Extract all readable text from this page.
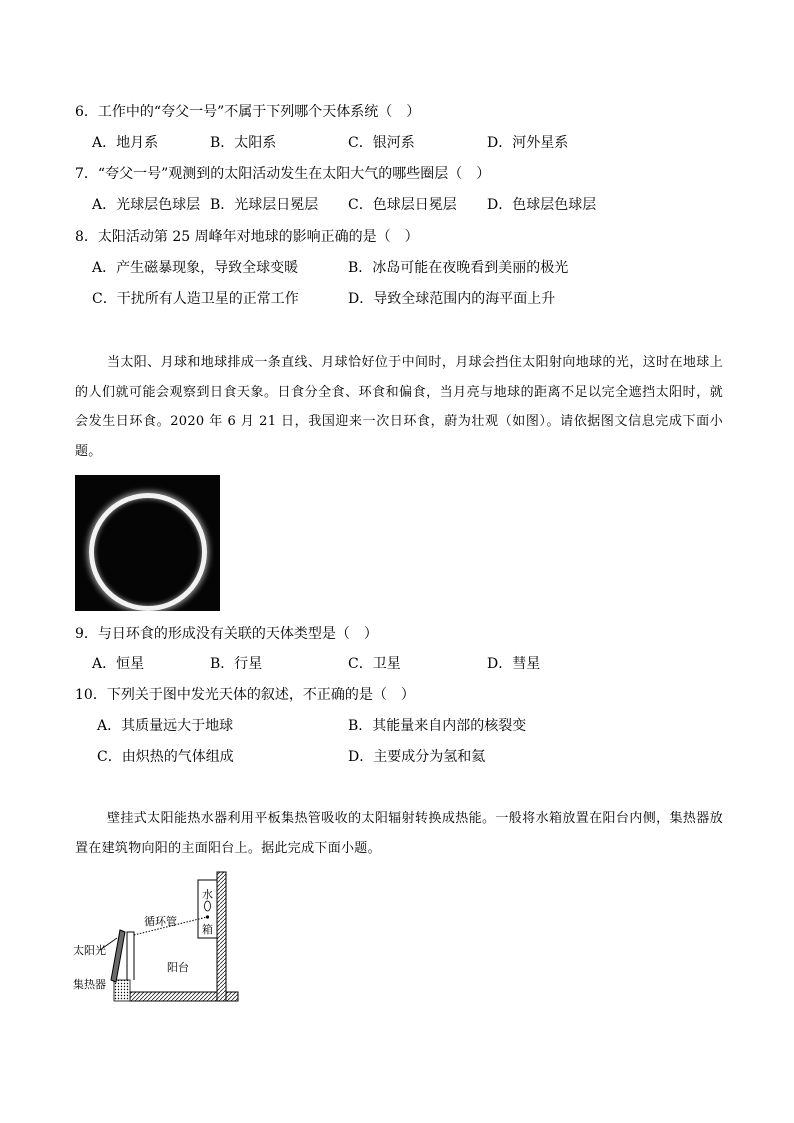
6．工作中的“夸父一号”不属于下列哪个天体系统（　）
A．地月系	B．太阳系	C．银河系	D．河外星系
7．“夸父一号”观测到的太阳活动发生在太阳大气的哪些圈层（　）
A．光球层色球层 B．光球层日冕层 C．色球层日冕层 D．色球层色球层
8．太阳活动第 25 周峰年对地球的影响正确的是（　）
A．产生磁暴现象，导致全球变暖	B．冰岛可能在夜晚看到美丽的极光
C．干扰所有人造卫星的正常工作	D．导致全球范围内的海平面上升
当太阳、月球和地球排成一条直线、月球恰好位于中间时，月球会挡住太阳射向地球的光，这时在地球上的人们就可能会观察到日食天象。日食分全食、环食和偏食，当月亮与地球的距离不足以完全遮挡太阳时，就会发生日环食。2020 年 6 月 21 日，我国迎来一次日环食，蔚为壮观（如图）。请依据图文信息完成下面小题。
9．与日环食的形成没有关联的天体类型是（　）
A．恒星	B．行星	C．卫星	D．彗星
10．下列关于图中发光天体的叙述，不正确的是（　）
A．其质量远大于地球	B．其能量来自内部的核裂变
C．由炽热的气体组成	D．主要成分为氢和氦
壁挂式太阳能热水器利用平板集热管吸收的太阳辐射转换成热能。一般将水箱放置在阳台内侧，集热器放置在建筑物向阳的主面阳台上。据此完成下面小题。
水
箱
循环管
太阳光
阳台
集热器
